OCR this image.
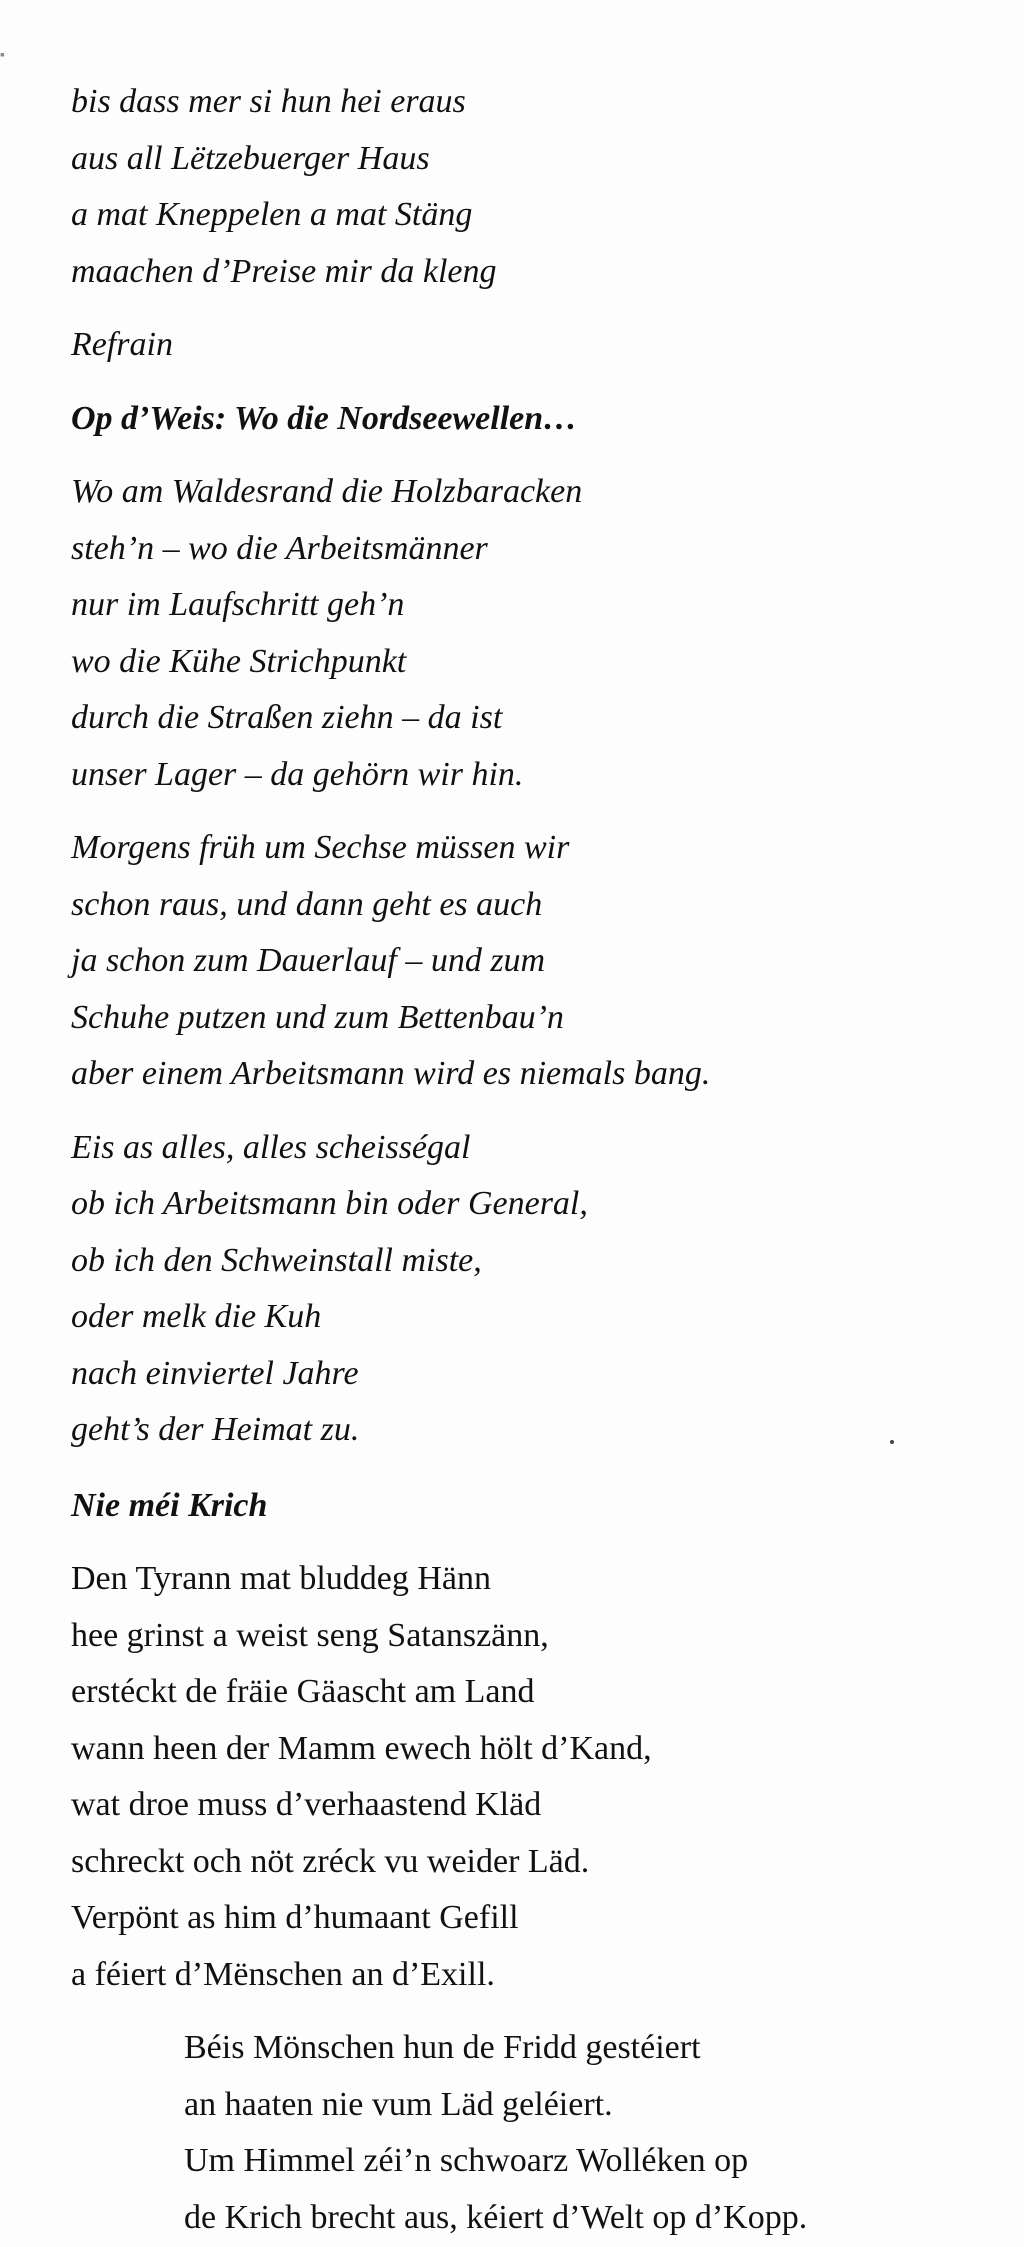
▪
bis dass mer si hun hei eraus
aus all Lëtzebuerger Haus
a mat Kneppelen a mat Stäng
maachen d’Preise mir da kleng
Refrain
Op d’Weis: Wo die Nordseewellen…
Wo am Waldesrand die Holzbaracken
steh’n – wo die Arbeitsmänner
nur im Laufschritt geh’n
wo die Kühe Strichpunkt
durch die Straßen ziehn – da ist
unser Lager – da gehörn wir hin.
Morgens früh um Sechse müssen wir
schon raus, und dann geht es auch
ja schon zum Dauerlauf – und zum
Schuhe putzen und zum Bettenbau’n
aber einem Arbeitsmann wird es niemals bang.
Eis as alles, alles scheisségal
ob ich Arbeitsmann bin oder General,
ob ich den Schweinstall miste,
oder melk die Kuh
nach einviertel Jahre
geht’s der Heimat zu.
Nie méi Krich
Den Tyrann mat bluddeg Hänn
hee grinst a weist seng Satanszänn,
erstéckt de fräie Gäascht am Land
wann heen der Mamm ewech hölt d’Kand,
wat droe muss d’verhaastend Kläd
schreckt och nöt zréck vu weider Läd.
Verpönt as him d’humaant Gefill
a féiert d’Mënschen an d’Exill.
Béis Mönschen hun de Fridd gestéiert
an haaten nie vum Läd geléiert.
Um Himmel zéi’n schwoarz Wolléken op
de Krich brecht aus, kéiert d’Welt op d’Kopp.
